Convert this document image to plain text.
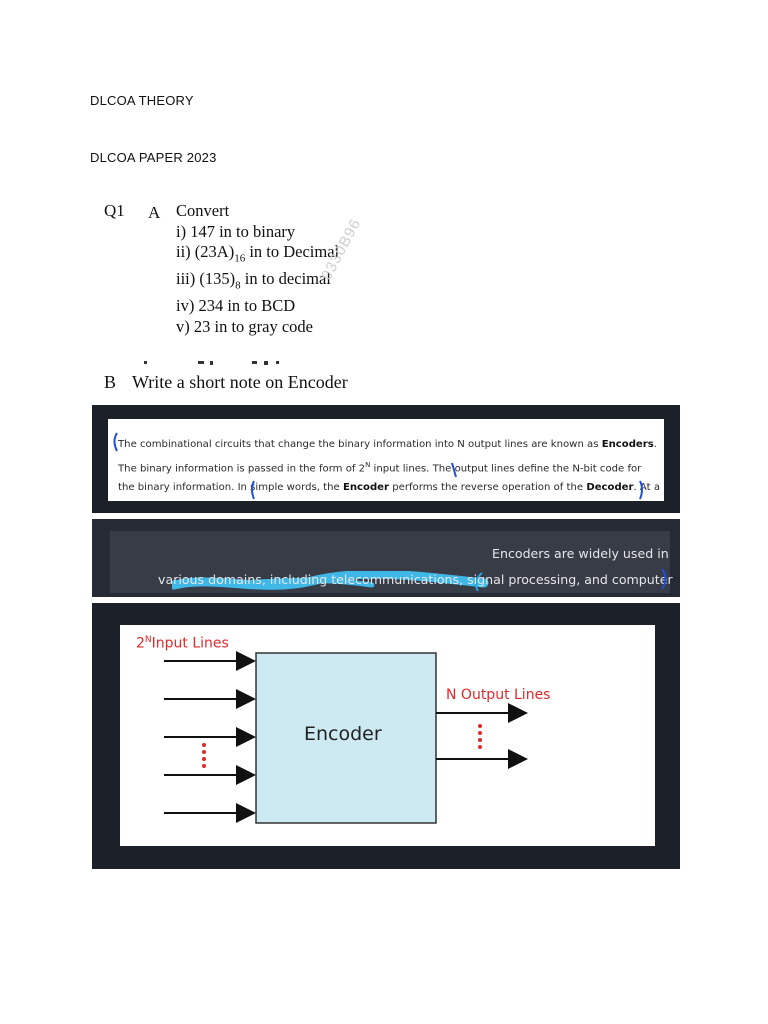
DLCOA THEORY
DLCOA PAPER 2023
Q1 A Convert
i) 147 in to binary
ii) $(23A)_{16}$ in to Decimal
iii) $(135)_8$ in to decimal
iv) 234 in to BCD
v) 23 in to gray code
0330B96
B Write a short note on Encoder
The combinational circuits that change the binary information into N output lines are known as Encoders.
The binary information is passed in the form of $2^N$ input lines. The output lines define the N-bit code for
the binary information. In simple words, the Encoder performs the reverse operation of the Decoder. At a
Encoders are widely used in
various domains, including telecommunications, signal processing, and computer
$2^NInput$ Lines
N Output Lines
Encoder
